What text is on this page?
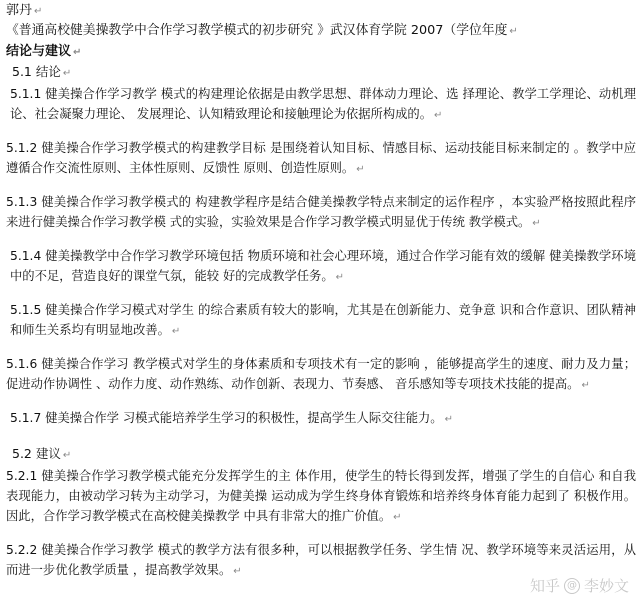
郭丹 ↵
《普通高校健美操教学中合作学习教学模式的初步研究 》武汉体育学院 2007（学位年度 ↵
结论与建议 ↵
5.1 结论 ↵
5.1.1 健美操合作学习教学 模式的构建理论依据是由教学思想、群体动力理论、选 择理论、教学工学理论、动机理论、社会凝聚力理论、 发展理论、认知精致理论和接触理论为依据所构成的。 ↵
5.1.2 健美操合作学习教学模式的构建教学目标 是围绕着认知目标、情感目标、运动技能目标来制定的 。教学中应遵循合作交流性原则、主体性原则、反馈性 原则、创造性原则。 ↵
5.1.3 健美操合作学习教学模式的 构建教学程序是结合健美操教学特点来制定的运作程序 ，本实验严格按照此程序来进行健美操合作学习教学模 式的实验，实验效果是合作学习教学模式明显优于传统 教学模式。 ↵
5.1.4 健美操教学中合作学习教学环境包括 物质环境和社会心理环境，通过合作学习能有效的缓解 健美操教学环境中的不足，营造良好的课堂气氛，能较 好的完成教学任务。 ↵
5.1.5 健美操合作学习模式对学生 的综合素质有较大的影响，尤其是在创新能力、竞争意 识和合作意识、团队精神和师生关系均有明显地改善。 ↵
5.1.6 健美操合作学习 教学模式对学生的身体素质和专项技术有一定的影响 ，能够提高学生的速度、耐力及力量；促进动作协调性 、动作力度、动作熟练、动作创新、表现力、节奏感、 音乐感知等专项技术技能的提高。 ↵
5.1.7 健美操合作学 习模式能培养学生学习的积极性，提高学生人际交往能力。 ↵
5.2 建议 ↵
5.2.1 健美操合作学习教学模式能充分发挥学生的主 体作用，使学生的特长得到发挥，增强了学生的自信心 和自我表现能力，由被动学习转为主动学习，为健美操 运动成为学生终身体育锻炼和培养终身体育能力起到了 积极作用。因此，合作学习教学模式在高校健美操教学 中具有非常大的推广价值。 ↵
5.2.2 健美操合作学习教学 模式的教学方法有很多种，可以根据教学任务、学生情 况、教学环境等来灵活运用，从而进一步优化教学质量 ，提高教学效果。 ↵
知乎 @ 李妙文
